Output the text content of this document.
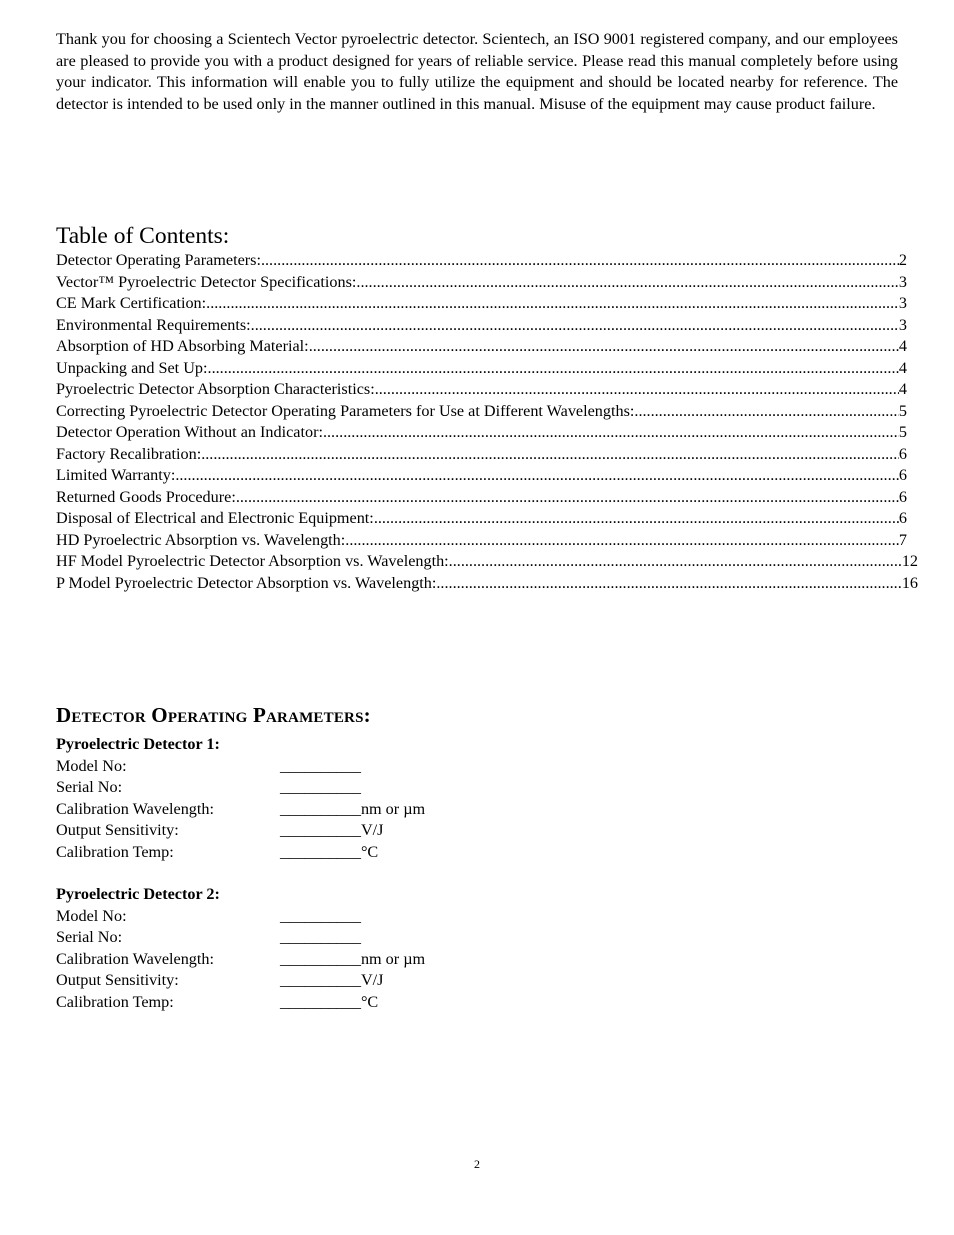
Thank you for choosing a Scientech Vector pyroelectric detector. Scientech, an ISO 9001 registered company, and our employees are pleased to provide you with a product designed for years of reliable service. Please read this manual completely before using your indicator. This information will enable you to fully utilize the equipment and should be located nearby for reference. The detector is intended to be used only in the manner outlined in this manual. Misuse of the equipment may cause product failure.

Table of Contents:
Detector Operating Parameters: .....	2
Vector™ Pyroelectric Detector Specifications: .....	3
CE Mark Certification: .....	3
Environmental Requirements: .....	3
Absorption of HD Absorbing Material: .....	4
Unpacking and Set Up: .....	4
Pyroelectric Detector Absorption Characteristics: .....	4
Correcting Pyroelectric Detector Operating Parameters for Use at Different Wavelengths: .....	5
Detector Operation Without an Indicator: .....	5
Factory Recalibration: .....	6
Limited Warranty: .....	6
Returned Goods Procedure: .....	6
Disposal of Electrical and Electronic Equipment: .....	6
HD Pyroelectric Absorption vs. Wavelength: .....	7
HF Model Pyroelectric Detector Absorption vs. Wavelength: .....	12
P Model Pyroelectric Detector Absorption vs. Wavelength: .....	16
Detector Operating Parameters:
Pyroelectric Detector 1:
Model No:	__________
Serial No:	__________
Calibration Wavelength:	__________ nm or µm
Output Sensitivity:	__________ V/J
Calibration Temp:	__________ °C
Pyroelectric Detector 2:
Model No:	__________
Serial No:	__________
Calibration Wavelength:	__________ nm or µm
Output Sensitivity:	__________ V/J
Calibration Temp:	__________ °C
2
